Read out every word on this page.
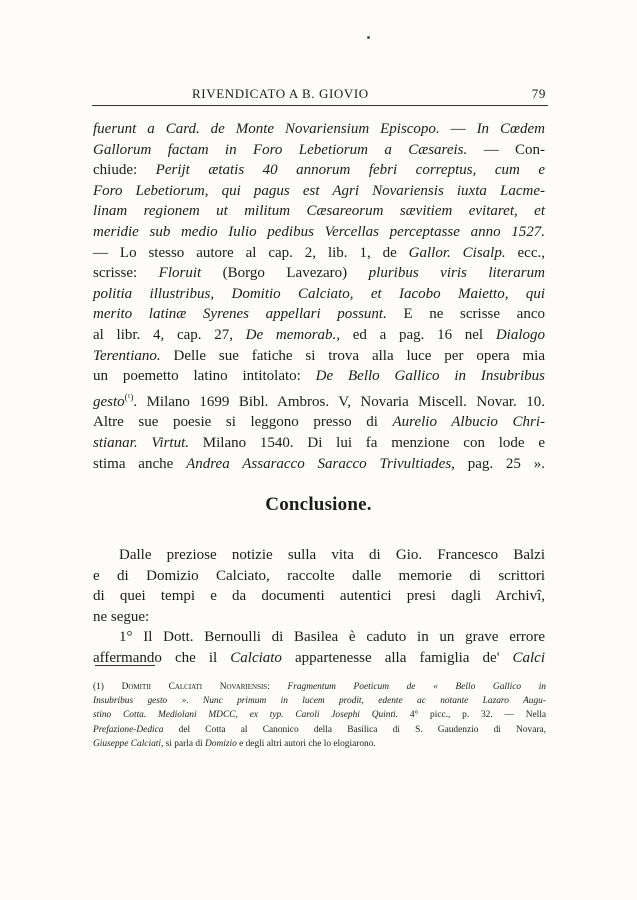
RIVENDICATO A B. GIOVIO	79
fuerunt a Card. de Monte Novariensium Episcopo. — In Cœdem
Gallorum factam in Foro Lebetiorum a Cæsareis. — Con-
chiude: Perijt ætatis 40 annorum febri correptus, cum e
Foro Lebetiorum, qui pagus est Agri Novariensis iuxta Lacme-
linam regionem ut militum Cæsareorum sævitiem evitaret, et
meridie sub medio Iulio pedibus Vercellas perceptasse anno 1527.
— Lo stesso autore al cap. 2, lib. 1, de Gallor. Cisalp. ecc.,
scrisse: Floruit (Borgo Lavezaro) pluribus viris literarum
politia illustribus, Domitio Calciato, et Iacobo Maietto, qui
merito latinæ Syrenes appellari possunt. E ne scrisse anco
al libr. 4, cap. 27, De memorab., ed a pag. 16 nel Dialogo
Terentiano. Delle sue fatiche si trova alla luce per opera mia
un poemetto latino intitolato: De Bello Gallico in Insubribus
gesto$^{(^1)}$. Milano 1699 Bibl. Ambros. V, Novaria Miscell. Novar. 10.
Altre sue poesie si leggono presso di Aurelio Albucio Chri-
stianar. Virtut. Milano 1540. Di lui fa menzione con lode e
stima anche Andrea Assaracco Saracco Trivultiades, pag. 25 ».
Conclusione.
Dalle preziose notizie sulla vita di Gio. Francesco Balzi
e di Domizio Calciato, raccolte dalle memorie di scrittori
di quei tempi e da documenti autentici presi dagli Archivî,
ne segue:
1° Il Dott. Bernoulli di Basilea è caduto in un grave errore
affermando che il Calciato appartenesse alla famiglia de' Calci
(1) Domitii Calciati Novariensis: Fragmentum Poeticum de « Bello Gallico in
Insubribus gesto ». Nunc primum in lucem prodit, edente ac notante Lazaro Augu-
stino Cotta. Mediolani MDCC, ex typ. Caroli Josephi Quinti. 4° picc., p. 32. — Nella
Prefazione-Dedica del Cotta al Canonico della Basilica di S. Gaudenzio di Novara,
Giuseppe Calciati, si parla di Domizio e degli altri autori che lo elogiarono.
